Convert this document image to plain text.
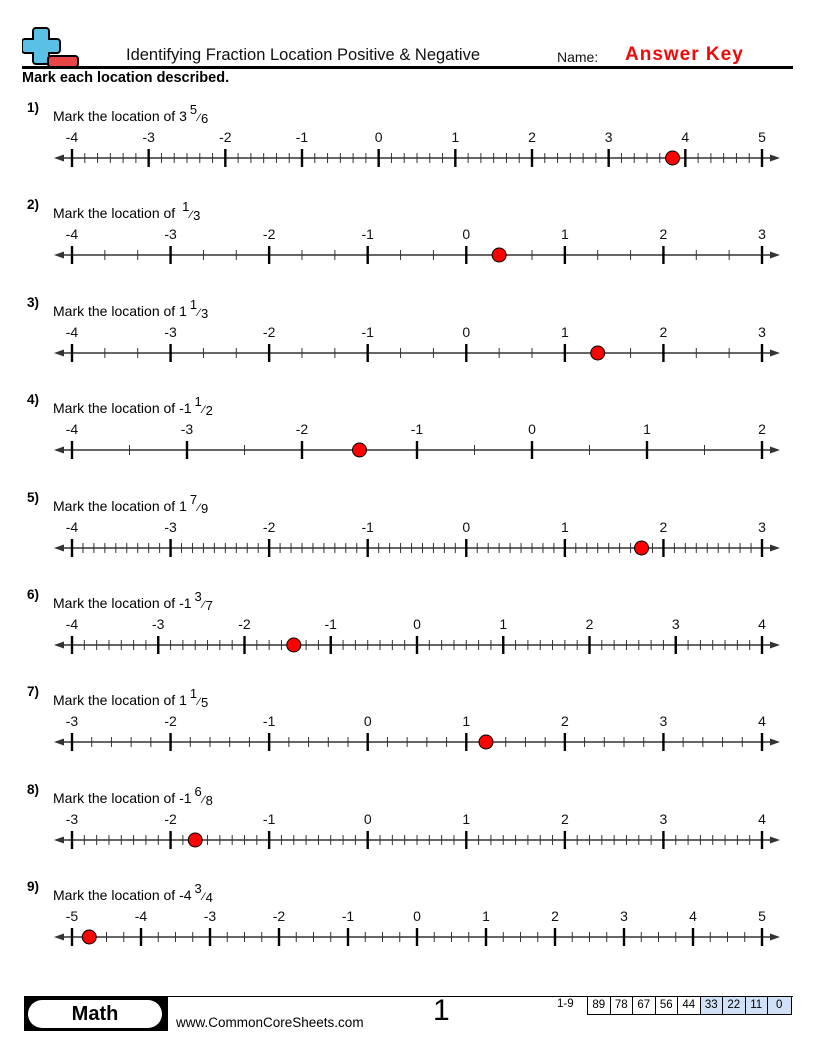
Identifying Fraction Location Positive & Negative	Name: Answer Key
Mark each location described.
1)
Mark the location of 3 5⁄6
-4	-3	-2	-1	0	1	2	3	4	5
2)
Mark the location of 1⁄3
-4	-3	-2	-1	0	1	2	3
3)
Mark the location of 1 1⁄3
-4	-3	-2	-1	0	1	2	3
4)
Mark the location of -1 1⁄2
-4	-3	-2	-1	0	1	2
5)
Mark the location of 1 7⁄9
-4	-3	-2	-1	0	1	2	3
6)
Mark the location of -1 3⁄7
-4	-3	-2	-1	0	1	2	3	4
7)
Mark the location of 1 1⁄5
-3	-2	-1	0	1	2	3	4
8)
Mark the location of -1 6⁄8
-3	-2	-1	0	1	2	3	4
9)
Mark the location of -4 3⁄4
-5	-4	-3	-2	-1	0	1	2	3	4	5
Math	www.CommonCoreSheets.com 1	1-9	89 78 67 56 44 33 22 11	0
